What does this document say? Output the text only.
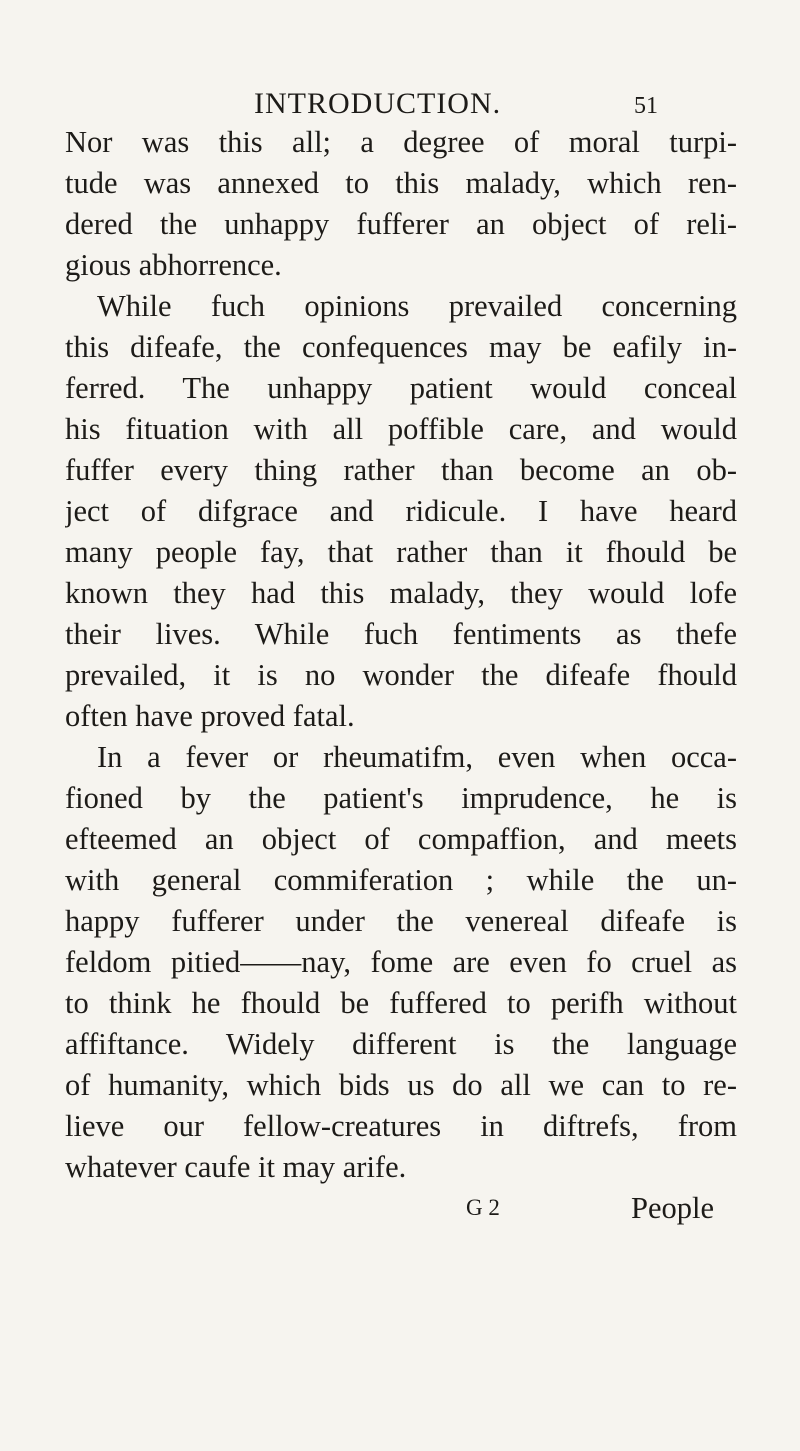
INTRODUCTION.	51
Nor was this all; a degree of moral turpi-
tude was annexed to this malady, which ren-
dered the unhappy fufferer an object of reli-
gious abhorrence.
While fuch opinions prevailed concerning
this difeafe, the confequences may be eafily in-
ferred. The unhappy patient would conceal
his fituation with all poffible care, and would
fuffer every thing rather than become an ob-
ject of difgrace and ridicule. I have heard
many people fay, that rather than it fhould be
known they had this malady, they would lofe
their lives. While fuch fentiments as thefe
prevailed, it is no wonder the difeafe fhould
often have proved fatal.
In a fever or rheumatifm, even when occa-
fioned by the patient's imprudence, he is
efteemed an object of compaffion, and meets
with general commiferation ; while the un-
happy fufferer under the venereal difeafe is
feldom pitied——nay, fome are even fo cruel as
to think he fhould be fuffered to perifh without
affiftance. Widely different is the language
of humanity, which bids us do all we can to re-
lieve our fellow-creatures in diftrefs, from
whatever caufe it may arife.
G 2	People
